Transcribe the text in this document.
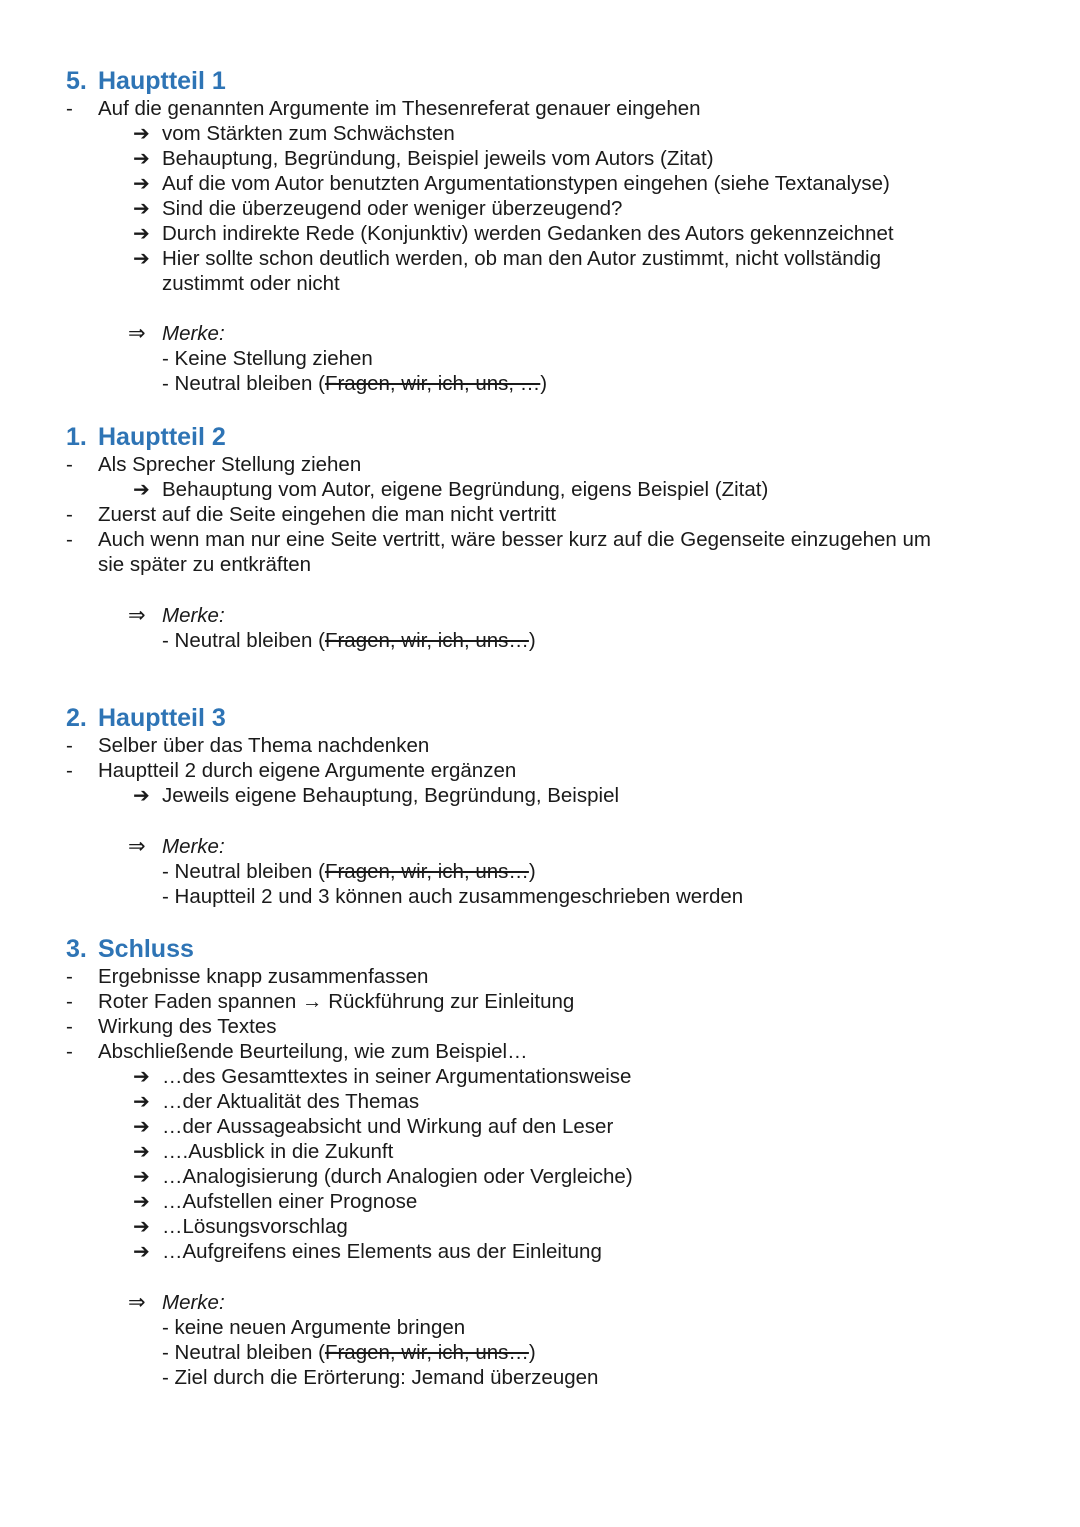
5. Hauptteil 1
- Auf die genannten Argumente im Thesenreferat genauer eingehen
➔ vom Stärkten zum Schwächsten
➔ Behauptung, Begründung, Beispiel jeweils vom Autors (Zitat)
➔ Auf die vom Autor benutzten Argumentationstypen eingehen (siehe Textanalyse)
➔ Sind die überzeugend oder weniger überzeugend?
➔ Durch indirekte Rede (Konjunktiv) werden Gedanken des Autors gekennzeichnet
➔ Hier sollte schon deutlich werden, ob man den Autor zustimmt, nicht vollständig
zustimmt oder nicht
⇒ Merke:
- Keine Stellung ziehen
- Neutral bleiben (Fragen, wir, ich, uns, …)
1. Hauptteil 2
- Als Sprecher Stellung ziehen
➔ Behauptung vom Autor, eigene Begründung, eigens Beispiel (Zitat)
- Zuerst auf die Seite eingehen die man nicht vertritt
- Auch wenn man nur eine Seite vertritt, wäre besser kurz auf die Gegenseite einzugehen um
sie später zu entkräften
⇒ Merke:
- Neutral bleiben (Fragen, wir, ich, uns…)
2. Hauptteil 3
- Selber über das Thema nachdenken
- Hauptteil 2 durch eigene Argumente ergänzen
➔ Jeweils eigene Behauptung, Begründung, Beispiel
⇒ Merke:
- Neutral bleiben (Fragen, wir, ich, uns…)
- Hauptteil 2 und 3 können auch zusammengeschrieben werden
3. Schluss
- Ergebnisse knapp zusammenfassen
- Roter Faden spannen → Rückführung zur Einleitung
- Wirkung des Textes
- Abschließende Beurteilung, wie zum Beispiel…
➔ …des Gesamttextes in seiner Argumentationsweise
➔ …der Aktualität des Themas
➔ …der Aussageabsicht und Wirkung auf den Leser
➔ ….Ausblick in die Zukunft
➔ …Analogisierung (durch Analogien oder Vergleiche)
➔ …Aufstellen einer Prognose
➔ …Lösungsvorschlag
➔ …Aufgreifens eines Elements aus der Einleitung
⇒ Merke:
- keine neuen Argumente bringen
- Neutral bleiben (Fragen, wir, ich, uns…)
- Ziel durch die Erörterung: Jemand überzeugen
